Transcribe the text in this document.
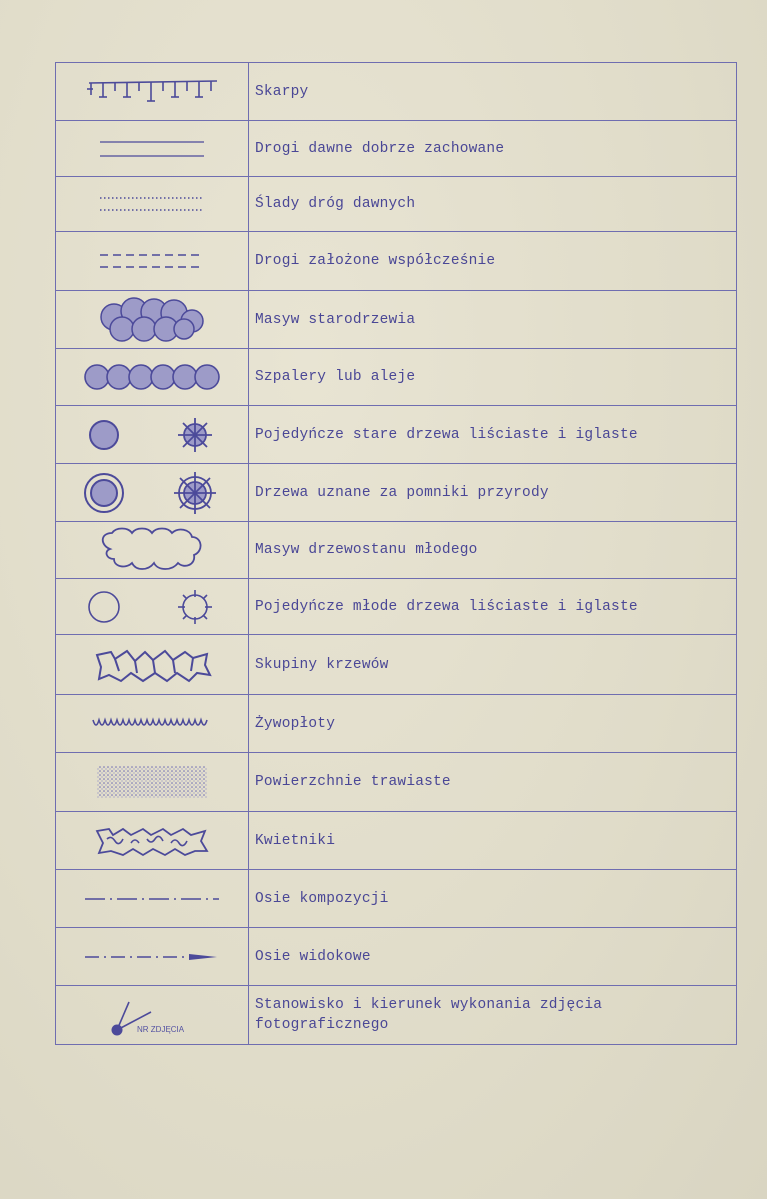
	Skarpy

	Drogi dawne dobrze zachowane

	Ślady dróg dawnych

	Drogi założone współcześnie

	Masyw starodrzewia

	Szpalery lub aleje

	Pojedyńcze stare drzewa liściaste i iglaste

	Drzewa uznane za pomniki przyrody

	Masyw drzewostanu młodego

	Pojedyńcze młode drzewa liściaste i iglaste

	Skupiny krzewów

	Żywopłoty

	Powierzchnie trawiaste

	Kwietniki

	Osie kompozycji

	Osie widokowe

NR ZDJĘCIA	Stanowisko i kierunek wykonania zdjęcia
fotograficznego
